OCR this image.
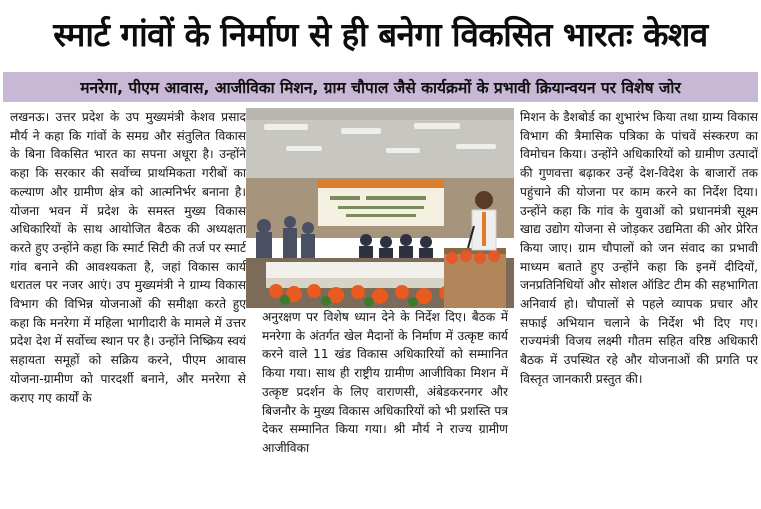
स्मार्ट गांवों के निर्माण से ही बनेगा विकसित भारतः केशव
मनरेगा, पीएम आवास, आजीविका मिशन, ग्राम चौपाल जैसे कार्यक्रमों के प्रभावी क्रियान्वयन पर विशेष जोर
लखनऊ। उत्तर प्रदेश के उप मुख्यमंत्री केशव प्रसाद मौर्य ने कहा कि गांवों के समग्र और संतुलित विकास के बिना विकसित भारत का सपना अधूरा है। उन्होंने कहा कि सरकार की सर्वोच्च प्राथमिकता गरीबों का कल्याण और ग्रामीण क्षेत्र को आत्मनिर्भर बनाना है। योजना भवन में प्रदेश के समस्त मुख्य विकास अधिकारियों के साथ आयोजित बैठक की अध्यक्षता करते हुए उन्होंने कहा कि स्मार्ट सिटी की तर्ज पर स्मार्ट गांव बनाने की आवश्यकता है, जहां विकास कार्य धरातल पर नजर आएं। उप मुख्यमंत्री ने ग्राम्य विकास विभाग की विभिन्न योजनाओं की समीक्षा करते हुए कहा कि मनरेगा में महिला भागीदारी के मामले में उत्तर प्रदेश देश में सर्वोच्च स्थान पर है। उन्होंने निष्क्रिय स्वयं सहायता समूहों को सक्रिय करने, पीएम आवास योजना-ग्रामीण को पारदर्शी बनाने, और मनरेगा से कराए गए कार्यों के
अनुरक्षण पर विशेष ध्यान देने के निर्देश दिए। बैठक में मनरेगा के अंतर्गत खेल मैदानों के निर्माण में उत्कृष्ट कार्य करने वाले 11 खंड विकास अधिकारियों को सम्मानित किया गया। साथ ही राष्ट्रीय ग्रामीण आजीविका मिशन में उत्कृष्ट प्रदर्शन के लिए वाराणसी, अंबेडकरनगर और बिजनौर के मुख्य विकास अधिकारियों को भी प्रशस्ति पत्र देकर सम्मानित किया गया। श्री मौर्य ने राज्य ग्रामीण आजीविका
मिशन के डैशबोर्ड का शुभारंभ किया तथा ग्राम्य विकास विभाग की त्रैमासिक पत्रिका के पांचवें संस्करण का विमोचन किया। उन्होंने अधिकारियों को ग्रामीण उत्पादों की गुणवत्ता बढ़ाकर उन्हें देश-विदेश के बाजारों तक पहुंचाने की योजना पर काम करने का निर्देश दिया। उन्होंने कहा कि गांव के युवाओं को प्रधानमंत्री सूक्ष्म खाद्य उद्योग योजना से जोड़कर उद्यमिता की ओर प्रेरित किया जाए। ग्राम चौपालों को जन संवाद का प्रभावी माध्यम बताते हुए उन्होंने कहा कि इनमें दीदियों, जनप्रतिनिधियों और सोशल ऑडिट टीम की सहभागिता अनिवार्य हो। चौपालों से पहले व्यापक प्रचार और सफाई अभियान चलाने के निर्देश भी दिए गए। राज्यमंत्री विजय लक्ष्मी गौतम सहित वरिष्ठ अधिकारी बैठक में उपस्थित रहे और योजनाओं की प्रगति पर विस्तृत जानकारी प्रस्तुत की।
